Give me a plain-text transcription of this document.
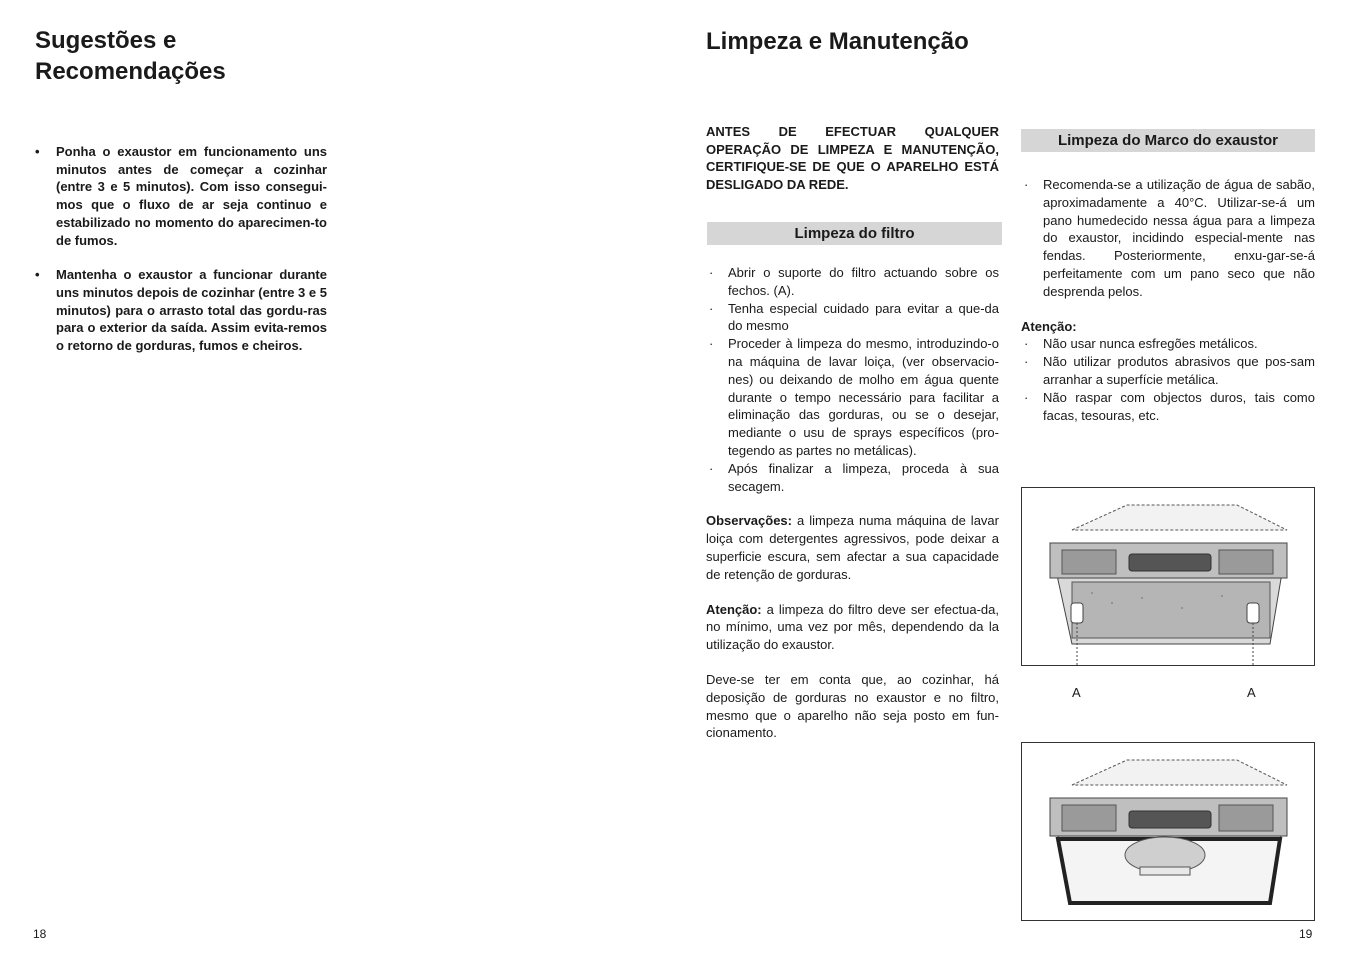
Sugestões e
Recomendações
• Ponha o exaustor em funcionamento uns minutos antes de começar a cozinhar (entre 3 e 5 minutos). Com isso consegui-mos que o fluxo de ar seja continuo e estabilizado no momento do aparecimen-to de fumos.
• Mantenha o exaustor a funcionar durante uns minutos depois de cozinhar (entre 3 e 5 minutos) para o arrasto total das gordu-ras para o exterior da saída. Assim evita-remos o retorno de gorduras, fumos e cheiros.
18
Limpeza e Manutenção
ANTES DE EFECTUAR QUALQUER OPERAÇÃO DE LIMPEZA E MANUTENÇÃO, CERTIFIQUE-SE DE QUE O APARELHO ESTÁ DESLIGADO DA REDE.
Limpeza do filtro
· Abrir o suporte do filtro actuando sobre os fechos. (A).
· Tenha especial cuidado para evitar a que-da do mesmo
· Proceder à limpeza do mesmo, introduzindo-o na máquina de lavar loiça, (ver observacio-nes) ou deixando de molho em água quente durante o tempo necessário para facilitar a eliminação das gorduras, ou se o desejar, mediante o usu de sprays específicos (pro-tegendo as partes no metálicas).
· Após finalizar a limpeza, proceda à sua secagem.
Observações: a limpeza numa máquina de lavar loiça com detergentes agressivos, pode deixar a superficie escura, sem afectar a sua capacidade de retenção de gorduras.
Atenção: a limpeza do filtro deve ser efectua-da, no mínimo, uma vez por mês, dependendo da la utilização do exaustor.
Deve-se ter em conta que, ao cozinhar, há deposição de gorduras no exaustor e no filtro, mesmo que o aparelho não seja posto em fun-cionamento.
Limpeza do Marco do exaustor
· Recomenda-se a utilização de água de sabão, aproximadamente a 40°C. Utilizar-se-á um pano humedecido nessa água para a limpeza do exaustor, incidindo especial-mente nas fendas. Posteriormente, enxu-gar-se-á perfeitamente com um pano seco que não desprenda pelos.
Atenção:
· Não usar nunca esfregões metálicos.
· Não utilizar produtos abrasivos que pos-sam arranhar a superfície metálica.
· Não raspar com objectos duros, tais como facas, tesouras, etc.
A	A
19
